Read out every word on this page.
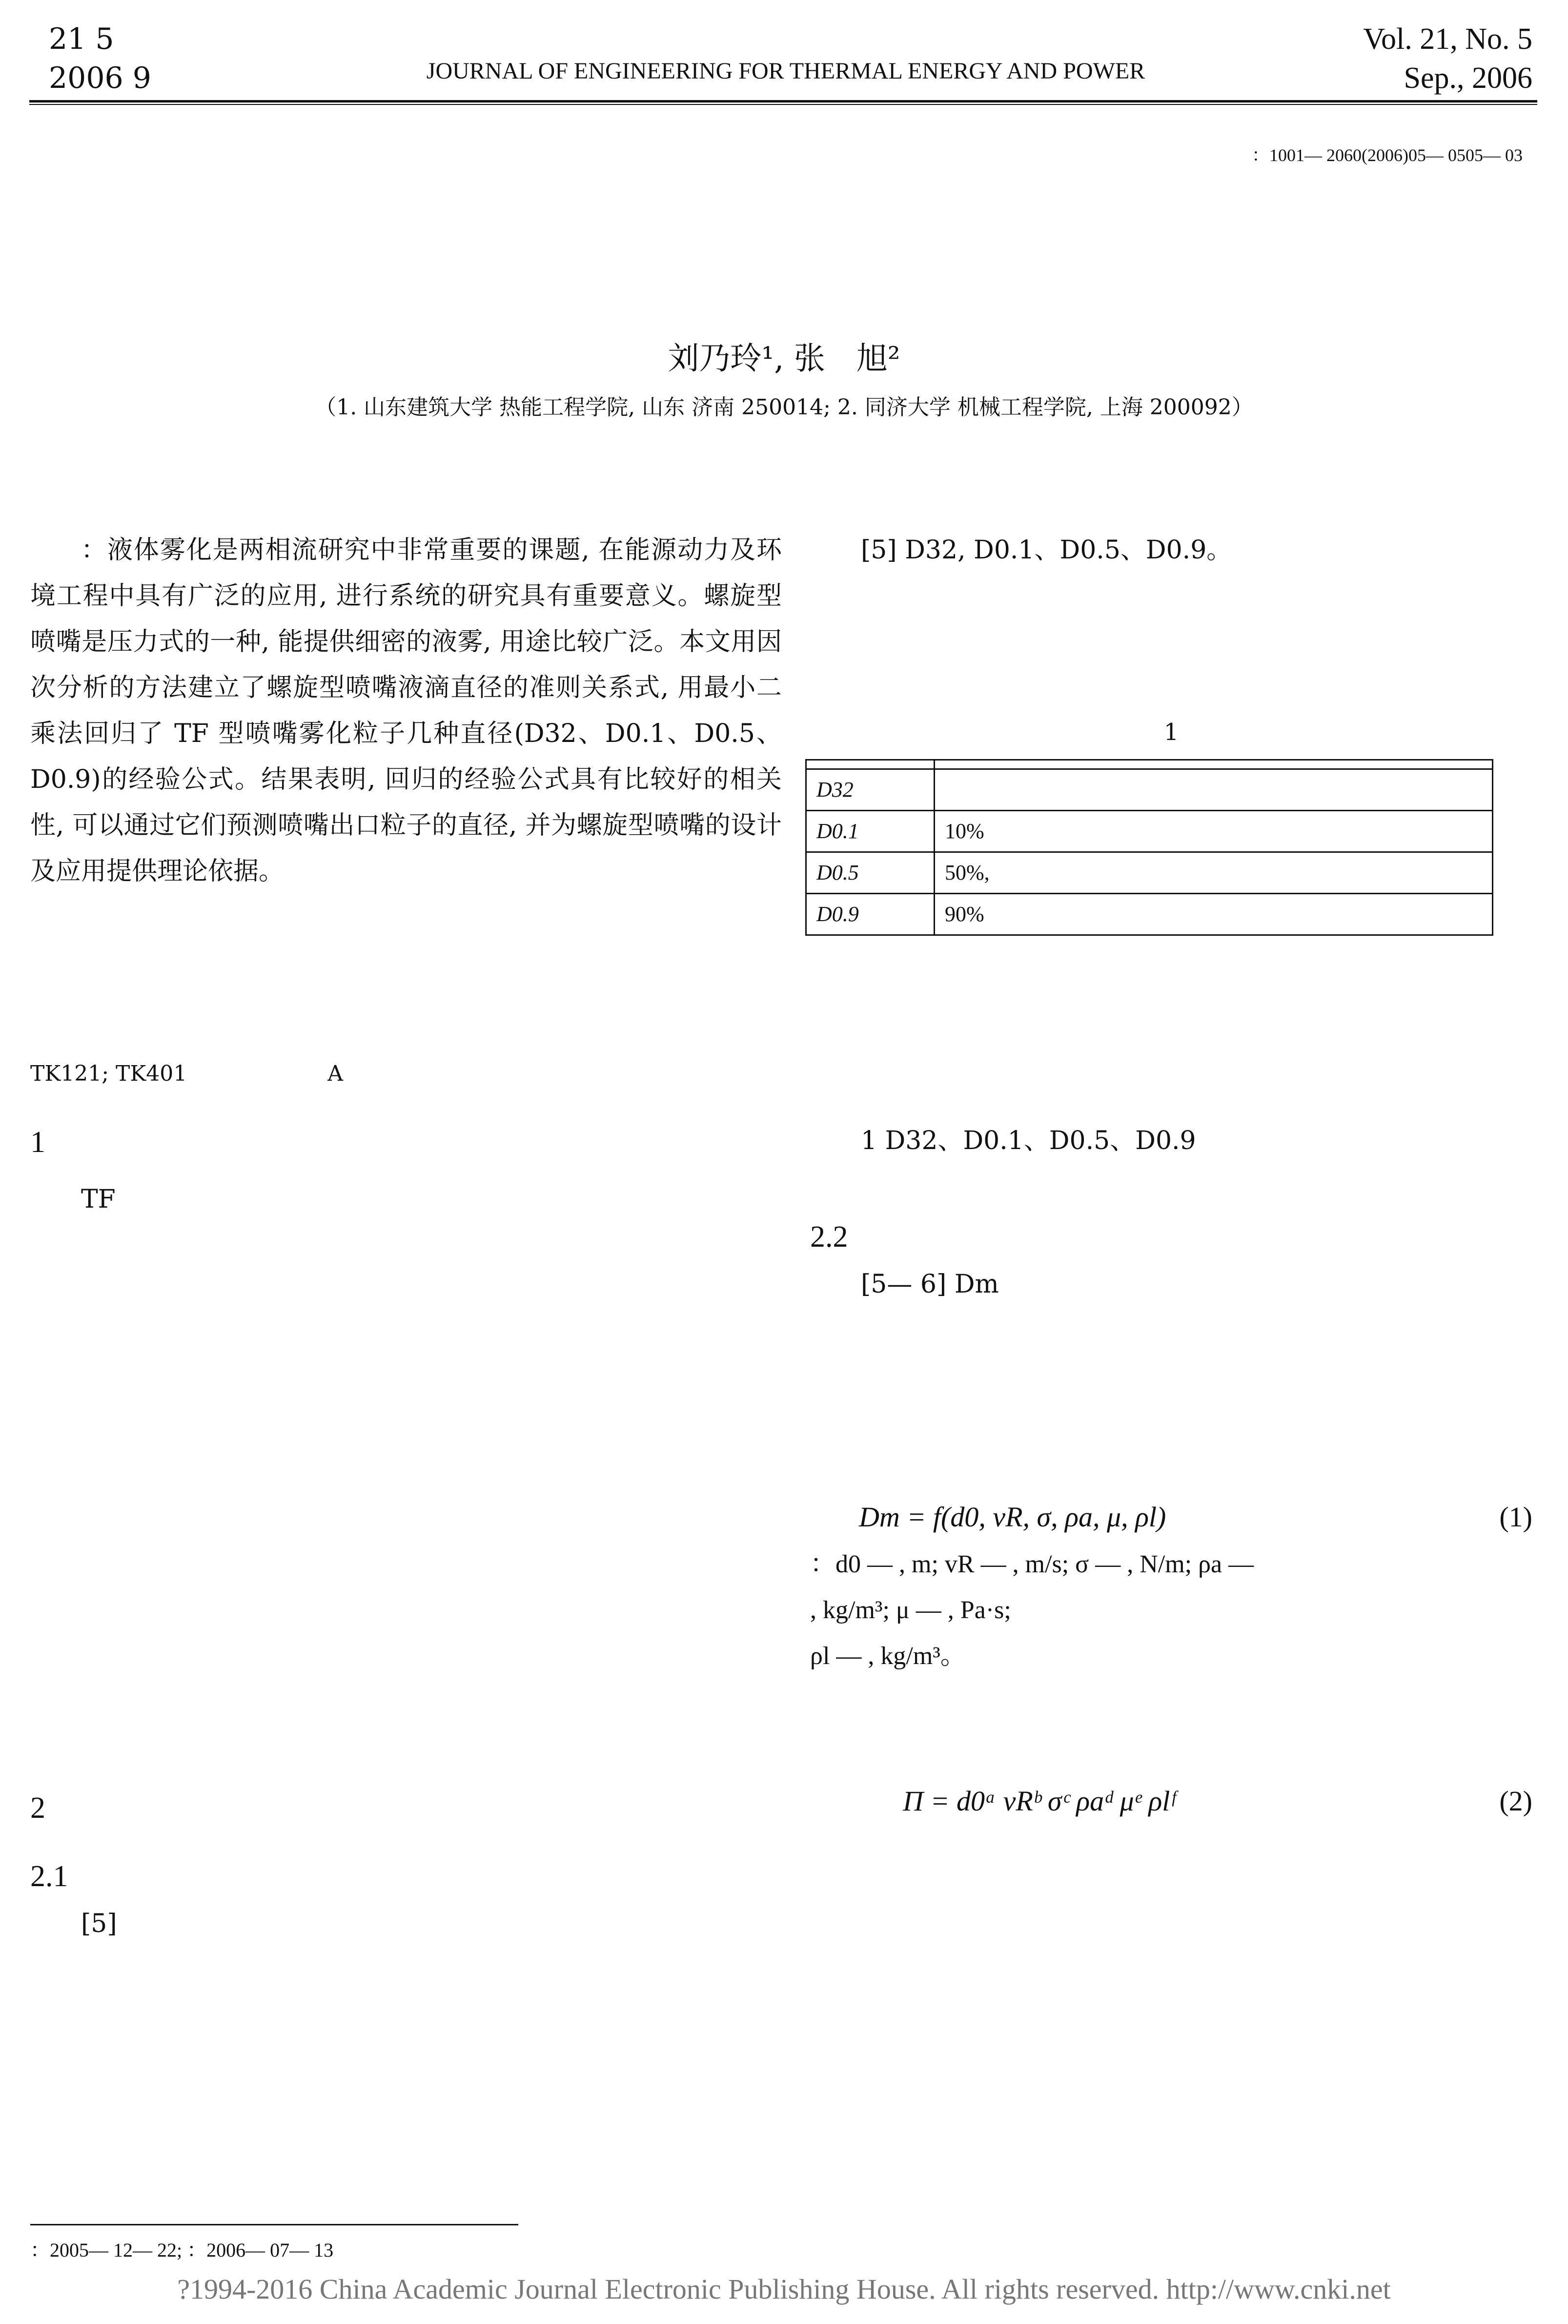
21 5
2006 9	JOURNAL OF ENGINEERING FOR THERMAL ENERGY AND POWER
Vol. 21, No. 5
Sep., 2006
：1001— 2060(2006)05— 0505— 03
刘乃玲¹, 张　旭²
（1. 山东建筑大学 热能工程学院, 山东 济南 250014; 2. 同济大学 机械工程学院, 上海 200092）

：液体雾化是两相流研究中非常重要的课题, 在能源动力及环境工程中具有广泛的应用, 进行系统的研究具有重要意义。螺旋型喷嘴是压力式的一种, 能提供细密的液雾, 用途比较广泛。本文用因次分析的方法建立了螺旋型喷嘴液滴直径的准则关系式, 用最小二乘法回归了 TF 型喷嘴雾化粒子几种直径(D32、D0.1、D0.5、D0.9)的经验公式。结果表明, 回归的经验公式具有比较好的相关性, 可以通过它们预测喷嘴出口粒子的直径, 并为螺旋型喷嘴的设计及应用提供理论依据。

TK121; TK401	A
1

TF

2
2.1

[5]

[5] D32, D0.1、D0.5、D0.9。

1

D32	
D0.1	10%
D0.5	50%,
D0.9	90%

1 D32、D0.1、D0.5、D0.9

2.2

[5— 6] Dm

Dm = f(d0, vR, σ, ρa, μ, ρl)	(1)
：d0 — , m; vR — , m/s; σ — , N/m; ρa —
, kg/m³; μ — , Pa·s;
ρl — , kg/m³。
Π = d0ᵃ vRᵇ σᶜ ρaᵈ μᵉ ρlᶠ	(2)
：2005— 12— 22; ：2006— 07— 13
?1994-2016 China Academic Journal Electronic Publishing House. All rights reserved. http://www.cnki.net
